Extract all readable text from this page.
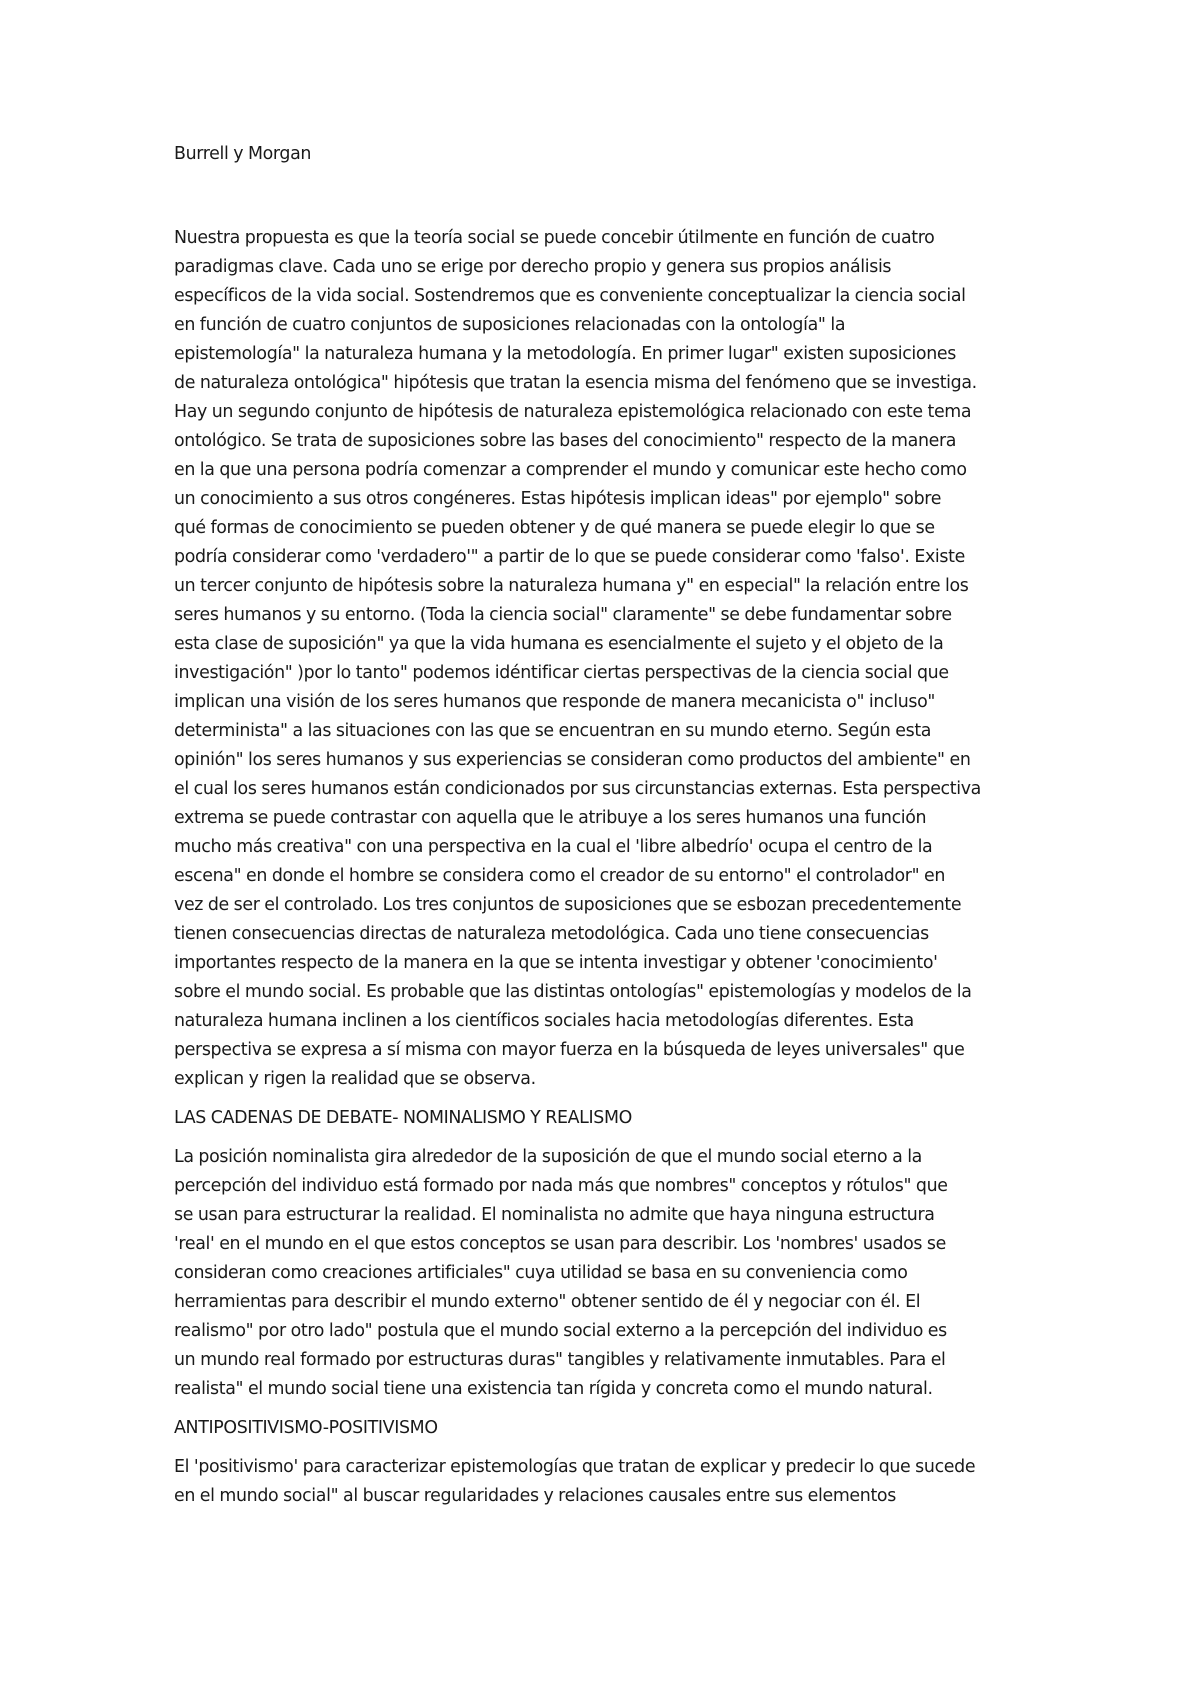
Burrell y Morgan
Nuestra propuesta es que la teoría social se puede concebir útilmente en función de cuatro
paradigmas clave. Cada uno se erige por derecho propio y genera sus propios análisis
específicos de la vida social. Sostendremos que es conveniente conceptualizar la ciencia social
en función de cuatro conjuntos de suposiciones relacionadas con la ontología" la
epistemología" la naturaleza humana y la metodología. En primer lugar" existen suposiciones
de naturaleza ontológica" hipótesis que tratan la esencia misma del fenómeno que se investiga.
Hay un segundo conjunto de hipótesis de naturaleza epistemológica relacionado con este tema
ontológico. Se trata de suposiciones sobre las bases del conocimiento" respecto de la manera
en la que una persona podría comenzar a comprender el mundo y comunicar este hecho como
un conocimiento a sus otros congéneres. Estas hipótesis implican ideas" por ejemplo" sobre
qué formas de conocimiento se pueden obtener y de qué manera se puede elegir lo que se
podría considerar como 'verdadero'" a partir de lo que se puede considerar como 'falso'. Existe
un tercer conjunto de hipótesis sobre la naturaleza humana y" en especial" la relación entre los
seres humanos y su entorno. (Toda la ciencia social" claramente" se debe fundamentar sobre
esta clase de suposición" ya que la vida humana es esencialmente el sujeto y el objeto de la
investigación" )por lo tanto" podemos idéntificar ciertas perspectivas de la ciencia social que
implican una visión de los seres humanos que responde de manera mecanicista o" incluso"
determinista" a las situaciones con las que se encuentran en su mundo eterno. Según esta
opinión" los seres humanos y sus experiencias se consideran como productos del ambiente" en
el cual los seres humanos están condicionados por sus circunstancias externas. Esta perspectiva
extrema se puede contrastar con aquella que le atribuye a los seres humanos una función
mucho más creativa" con una perspectiva en la cual el 'libre albedrío' ocupa el centro de la
escena" en donde el hombre se considera como el creador de su entorno" el controlador" en
vez de ser el controlado. Los tres conjuntos de suposiciones que se esbozan precedentemente
tienen consecuencias directas de naturaleza metodológica. Cada uno tiene consecuencias
importantes respecto de la manera en la que se intenta investigar y obtener 'conocimiento'
sobre el mundo social. Es probable que las distintas ontologías" epistemologías y modelos de la
naturaleza humana inclinen a los científicos sociales hacia metodologías diferentes. Esta
perspectiva se expresa a sí misma con mayor fuerza en la búsqueda de leyes universales" que
explican y rigen la realidad que se observa.
LAS CADENAS DE DEBATE- NOMINALISMO Y REALISMO
La posición nominalista gira alrededor de la suposición de que el mundo social eterno a la
percepción del individuo está formado por nada más que nombres" conceptos y rótulos" que
se usan para estructurar la realidad. El nominalista no admite que haya ninguna estructura
'real' en el mundo en el que estos conceptos se usan para describir. Los 'nombres' usados se
consideran como creaciones artificiales" cuya utilidad se basa en su conveniencia como
herramientas para describir el mundo externo" obtener sentido de él y negociar con él. El
realismo" por otro lado" postula que el mundo social externo a la percepción del individuo es
un mundo real formado por estructuras duras" tangibles y relativamente inmutables. Para el
realista" el mundo social tiene una existencia tan rígida y concreta como el mundo natural.
ANTIPOSITIVISMO-POSITIVISMO
El 'positivismo' para caracterizar epistemologías que tratan de explicar y predecir lo que sucede
en el mundo social" al buscar regularidades y relaciones causales entre sus elementos
